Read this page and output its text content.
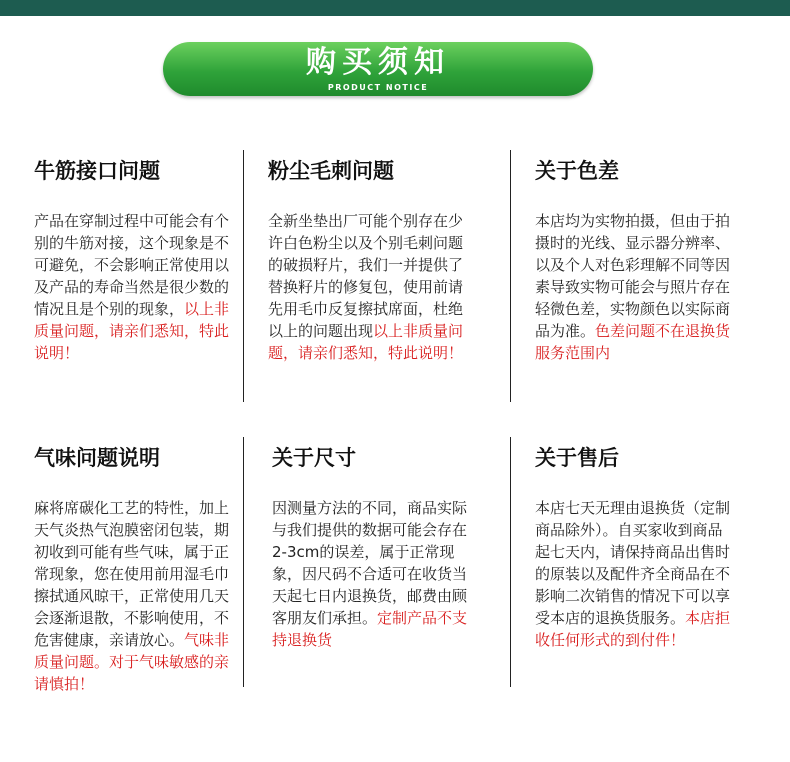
购买须知
PRODUCT NOTICE
牛筋接口问题
产品在穿制过程中可能会有个别的牛筋对接，这个现象是不可避免，不会影响正常使用以及产品的寿命当然是很少数的情况且是个别的现象，以上非质量问题，请亲们悉知，特此说明！
粉尘毛刺问题
全新坐垫出厂可能个别存在少许白色粉尘以及个别毛刺问题的破损籽片，我们一并提供了替换籽片的修复包，使用前请先用毛巾反复擦拭席面，杜绝以上的问题出现以上非质量问题，请亲们悉知，特此说明！
关于色差
本店均为实物拍摄，但由于拍摄时的光线、显示器分辨率、以及个人对色彩理解不同等因素导致实物可能会与照片存在轻微色差，实物颜色以实际商品为准。色差问题不在退换货服务范围内
气味问题说明
麻将席碳化工艺的特性，加上天气炎热气泡膜密闭包装，期初收到可能有些气味，属于正常现象，您在使用前用湿毛巾擦拭通风晾干，正常使用几天会逐渐退散，不影响使用，不危害健康，亲请放心。气味非质量问题。对于气味敏感的亲请慎拍！
关于尺寸
因测量方法的不同，商品实际与我们提供的数据可能会存在2-3cm的误差，属于正常现象，因尺码不合适可在收货当天起七日内退换货，邮费由顾客朋友们承担。定制产品不支持退换货
关于售后
本店七天无理由退换货（定制商品除外）。自买家收到商品起七天内，请保持商品出售时的原装以及配件齐全商品在不影响二次销售的情况下可以享受本店的退换货服务。本店拒收任何形式的到付件！
